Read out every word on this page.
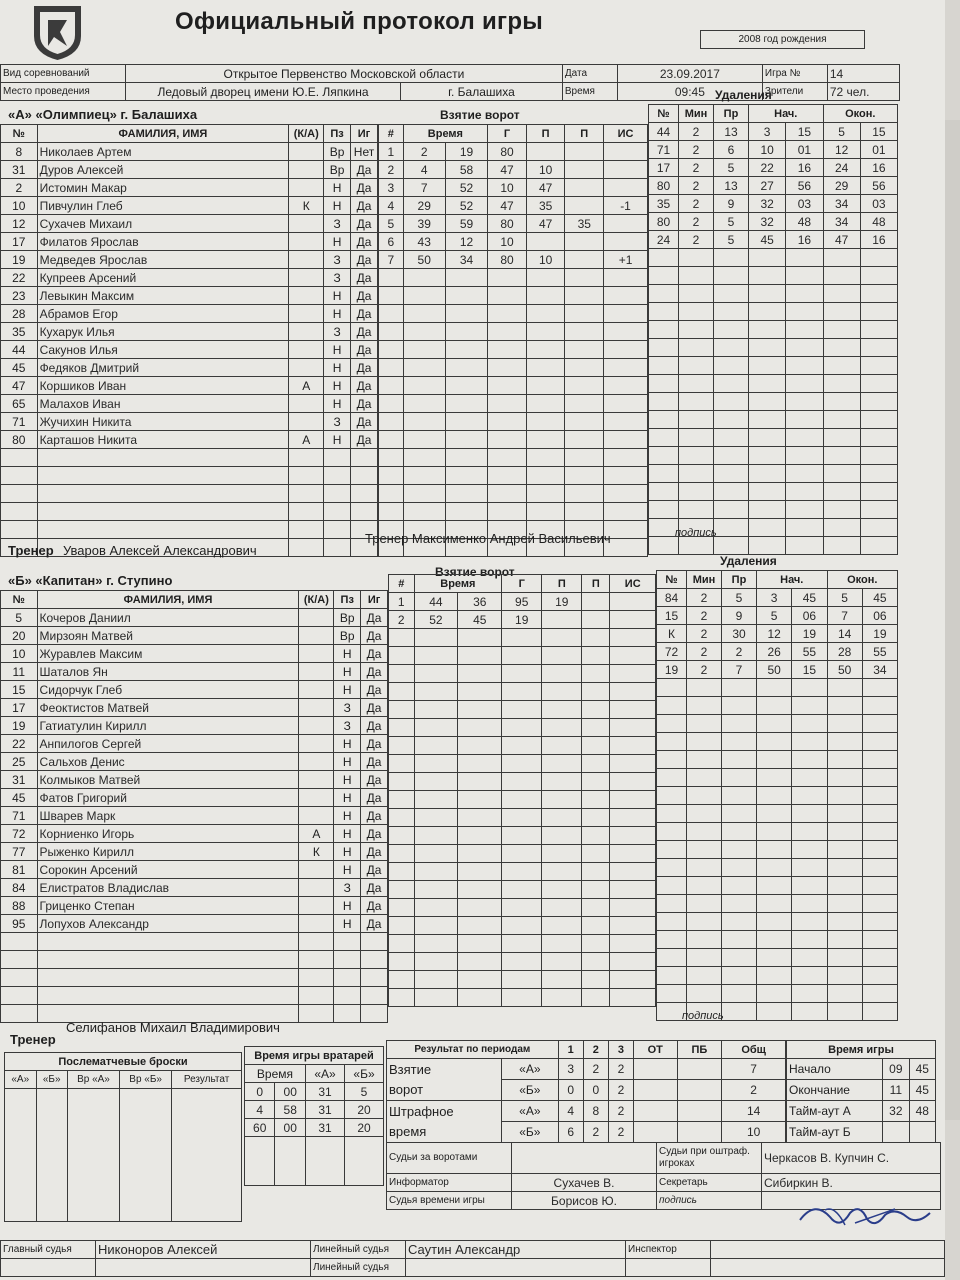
Официальный протокол игры
2008 год рождения
Вид соревнований	Открытое Первенство Московской области		Дата	23.09.2017	Игра №	14
Место проведения	Ледовый дворец имени Ю.Е. Ляпкина	г. Балашиха	Время	09:45	Зрители	72 чел.
«А» «Олимпиец» г. Балашиха	Взятие ворот
Удаления
№	ФАМИЛИЯ, ИМЯ	(К/А)	Пз	Иг
8	Николаев Артем		Вр	Нет
31	Дуров Алексей		Вр	Да
2	Истомин Макар		Н	Да
10	Пивчулин Глеб	К	Н	Да
12	Сухачев Михаил		З	Да
17	Филатов Ярослав		Н	Да
19	Медведев Ярослав		З	Да
22	Купреев Арсений		З	Да
23	Левыкин Максим		Н	Да
28	Абрамов Егор		Н	Да
35	Кухарук Илья		З	Да
44	Сакунов Илья		Н	Да
45	Федяков Дмитрий		Н	Да
47	Коршиков Иван	А	Н	Да
65	Малахов Иван		Н	Да
71	Жучихин Никита		З	Да
80	Карташов Никита	А	Н	Да

#	Время		Г	П	П	ИС
1	2	19	80			
2	4	58	47	10		
3	7	52	10	47		
4	29	52	47	35		-1
5	39	59	80	47	35	
6	43	12	10			
7	50	34	80	10		+1

№	Мин	Пр	Нач.		Окон.	
44	2	13	3	15	5	15
71	2	6	10	01	12	01
17	2	5	22	16	24	16
80	2	13	27	56	29	56
35	2	9	32	03	34	03
80	2	5	32	48	34	48
24	2	5	45	16	47	16

подпись
Тренер Уваров Алексей Александрович
Тренер Максименко Андрей Васильевич
«Б» «Капитан» г. Ступино
Взятие ворот
Удаления
№	ФАМИЛИЯ, ИМЯ	(К/А)	Пз	Иг
5	Кочеров Даниил		Вр	Да
20	Мирзоян Матвей		Вр	Да
10	Журавлев Максим		Н	Да
11	Шаталов Ян		Н	Да
15	Сидорчук Глеб		Н	Да
17	Феоктистов Матвей		З	Да
19	Гатиатулин Кирилл		З	Да
22	Анпилогов Сергей		Н	Да
25	Сальхов Денис		Н	Да
31	Колмыков Матвей		Н	Да
45	Фатов Григорий		Н	Да
71	Шварев Марк		Н	Да
72	Корниенко Игорь	А	Н	Да
77	Рыженко Кирилл	К	Н	Да
81	Сорокин Арсений		Н	Да
84	Елистратов Владислав		З	Да
88	Гриценко Степан		Н	Да
95	Лопухов Александр		Н	Да

#	Время		Г	П	П	ИС
1	44	36	95	19		
2	52	45	19			

№	Мин	Пр	Нач.		Окон.	
84	2	5	3	45	5	45
15	2	9	5	06	7	06
К	2	30	12	19	14	19
72	2	2	26	55	28	55
19	2	7	50	15	50	34

подпись
Тренер
Селифанов Михаил Владимирович
Послематчевые броски				
«А»	«Б»	Вр «А»	Вр «Б»	Результат

Время игры вратарей			
Время		«А»	«Б»
0	00	31	5
4	58	31	20
60	00	31	20

Результат по периодам		1	2	3	ОТ	ПБ	Общ

Взятие
ворот	«А»	3	2	2			7
	«Б»	0	0	2			2

Штрафное
время	«А»	4	8	2			14
	«Б»	6	2	2			10
Время игры		
Начало	09	45
Окончание	11	45
Тайм-аут А	32	48
Тайм-аут Б		
Судьи за воротами		Судьи при оштраф. игроках	Черкасов В. Купчин С.
Информатор	Сухачев В.	Секретарь	Сибиркин В.
Судья времени игры	Борисов Ю.	подпись	
Главный судья	Никоноров Алексей	Линейный судья	Саутин Александр	Инспектор	
		Линейный судья			
